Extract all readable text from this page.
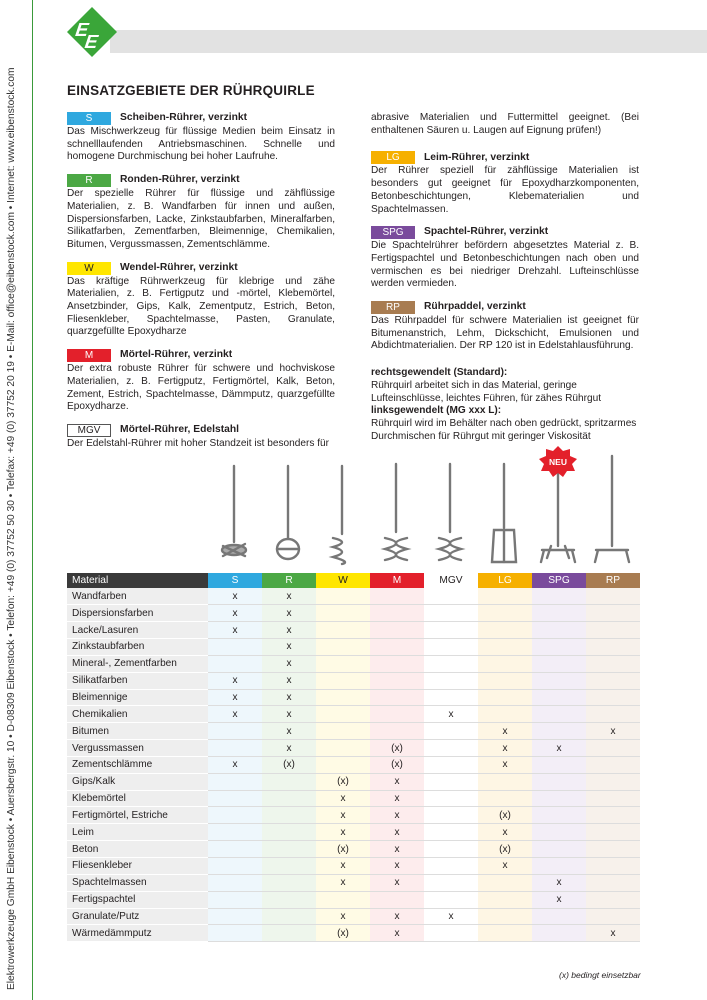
Elektrowerkzeuge GmbH Eibenstock • Auersbergstr. 10 • D-08309 Eibenstock • Telefon: +49 (0) 37752 50 30 • Telefax: +49 (0) 37752 20 19 • E-Mail: office@eibenstock.com • Internet: www.eibenstock.com
E
E
EINSATZGEBIETE DER RÜHRQUIRLE
S	Scheiben-Rührer, verzinkt

Das Mischwerkzeug für flüssige Medien beim Einsatz in schnelllaufenden Antriebsmaschinen. Schnelle und homogene Durchmischung bei hoher Laufruhe.

R	Ronden-Rührer, verzinkt

Der spezielle Rührer für flüssige und zähflüssige Materialien, z. B. Wandfarben für innen und außen, Dispersionsfarben, Lacke, Zinkstaubfarben, Mineralfarben, Silikatfarben, Zementfarben, Bleimennige, Chemikalien, Bitumen, Vergussmassen, Zementschlämme.

W	Wendel-Rührer, verzinkt

Das kräftige Rührwerkzeug für klebrige und zähe Materialien, z. B. Fertigputz und -mörtel, Klebemörtel, Ansetzbinder, Gips, Kalk, Zementputz, Estrich, Beton, Fliesenkleber, Spachtelmasse, Pasten, Granulate, quarzgefüllte Epoxydharze

M	Mörtel-Rührer, verzinkt

Der extra robuste Rührer für schwere und hochviskose Materialien, z. B. Fertigputz, Fertigmörtel, Kalk, Beton, Zement, Estrich, Spachtelmasse, Dämmputz, quarzgefüllte Epoxydharze.

MGV	Mörtel-Rührer, Edelstahl

Der Edelstahl-Rührer mit hoher Standzeit ist besonders für

abrasive Materialien und Futtermittel geeignet. (Bei enthaltenen Säuren u. Laugen auf Eignung prüfen!)

LG	Leim-Rührer, verzinkt

Der Rührer speziell für zähflüssige Materialien ist besonders gut geeignet für Epoxydharzkomponenten, Betonbeschichtungen, Klebematerialien und Spachtelmassen.

SPG	Spachtel-Rührer, verzinkt

Die Spachtelrührer befördern abgesetztes Material z. B. Fertigspachtel und Betonbeschichtungen nach oben und vermischen es bei niedriger Drehzahl. Lufteinschlüsse werden vermieden.

RP	Rührpaddel, verzinkt

Das Rührpaddel für schwere Materialien ist geeignet für Bitumenanstrich, Lehm, Dickschicht, Emulsionen und Abdichtmaterialien. Der RP 120 ist in Edelstahlausführung.

rechtsgewendelt (Standard):

Rührquirl arbeitet sich in das Material, geringe Lufteinschlüsse, leichtes Führen, für zähes Rührgut

linksgewendelt (MG xxx L):

Rührquirl wird im Behälter nach oben gedrückt, spritzarmes Durchmischen für Rührgut mit geringer Viskosität

NEU
Material	S	R	W	M	MGV	LG	SPG	RP
Wandfarben	x	x						
Dispersionsfarben	x	x						
Lacke/Lasuren	x	x						
Zinkstaubfarben		x						
Mineral-, Zementfarben		x						
Silikatfarben	x	x						
Bleimennige	x	x						
Chemikalien	x	x			x			
Bitumen		x				x		x
Vergussmassen		x		(x)		x	x	
Zementschlämme	x	(x)		(x)		x		
Gips/Kalk			(x)	x				
Klebemörtel			x	x				
Fertigmörtel, Estriche			x	x		(x)		
Leim			x	x		x		
Beton			(x)	x		(x)		
Fliesenkleber			x	x		x		
Spachtelmassen			x	x			x	
Fertigspachtel							x	
Granulate/Putz			x	x	x			
Wärmedämmputz			(x)	x				x
(x) bedingt einsetzbar
